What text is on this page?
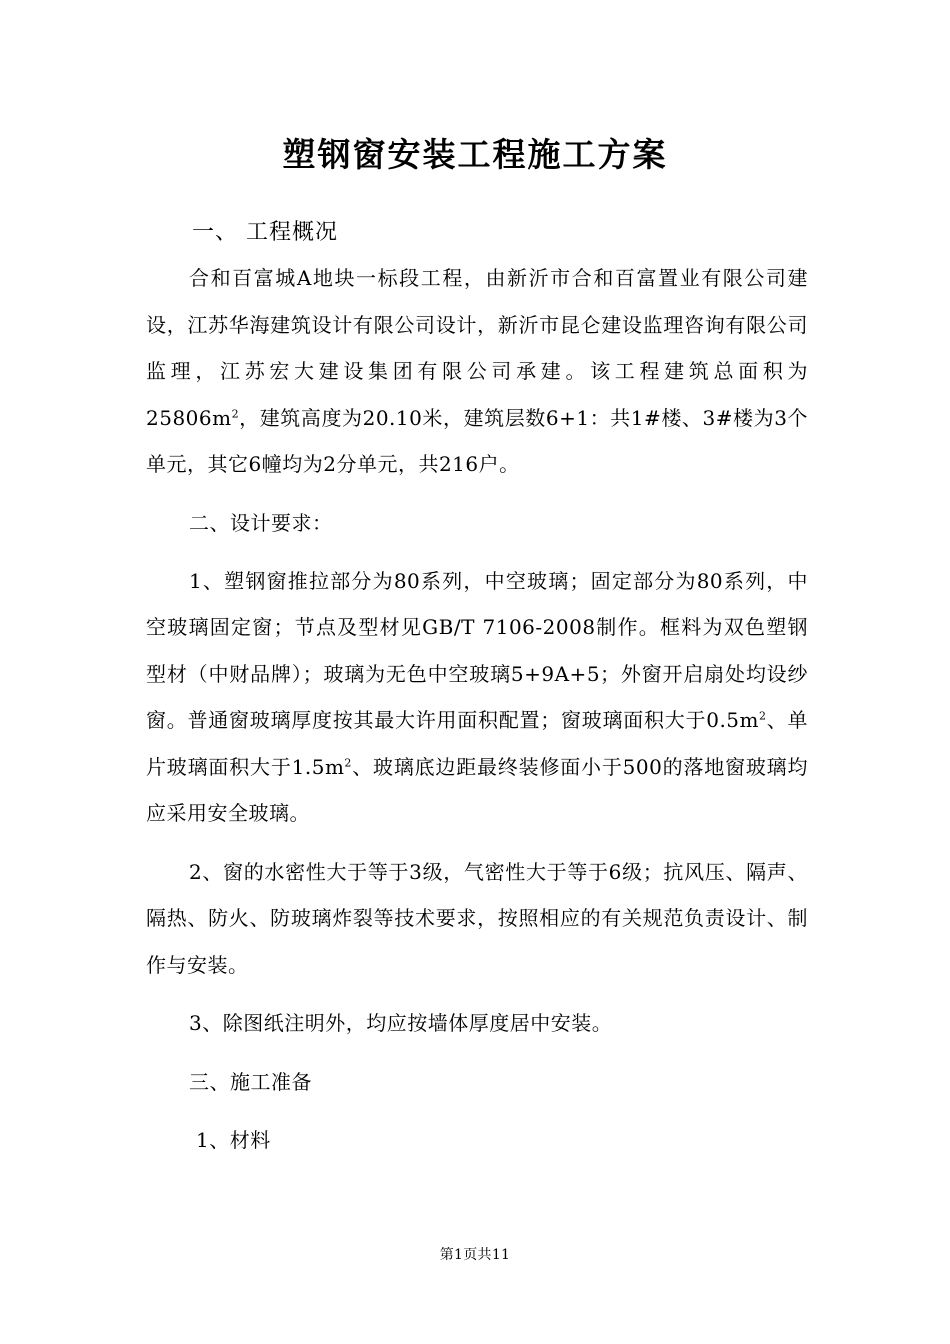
塑钢窗安装工程施工方案
一、 工程概况

合和百富城A地块一标段工程，由新沂市合和百富置业有限公司建设，江苏华海建筑设计有限公司设计，新沂市昆仑建设监理咨询有限公司监理，江苏宏大建设集团有限公司承建。该工程建筑总面积为$25806m^2$，建筑高度为20.10米，建筑层数6+1：共1#楼、3#楼为3个单元，其它6幢均为2分单元，共216户。

二、设计要求：

1、塑钢窗推拉部分为80系列，中空玻璃；固定部分为80系列，中空玻璃固定窗；节点及型材见GB/T 7106-2008制作。框料为双色塑钢型材（中财品牌）；玻璃为无色中空玻璃5+9A+5；外窗开启扇处均设纱窗。普通窗玻璃厚度按其最大许用面积配置；窗玻璃面积大于$0.5m^2$、单片玻璃面积大于$1.5m^2$、玻璃底边距最终装修面小于500的落地窗玻璃均应采用安全玻璃。

2、窗的水密性大于等于3级，气密性大于等于6级；抗风压、隔声、隔热、防火、防玻璃炸裂等技术要求，按照相应的有关规范负责设计、制作与安装。

3、除图纸注明外，均应按墙体厚度居中安装。

三、施工准备

1、材料

第1页共11
